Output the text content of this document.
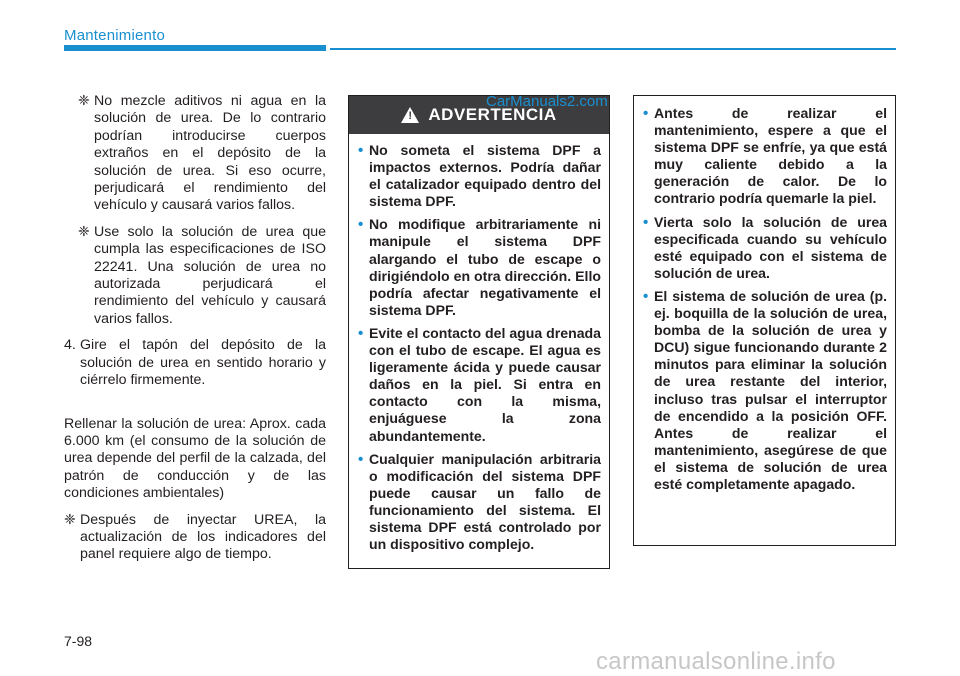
Mantenimiento

❈ No mezcle aditivos ni agua en la solución de urea. De lo contrario podrían introducirse cuerpos extraños en el depósito de la solución de urea. Si eso ocurre, perjudicará el rendimiento del vehículo y causará varios fallos.

❈ Use solo la solución de urea que cumpla las especificaciones de ISO 22241. Una solución de urea no autorizada perjudicará el rendimiento del vehículo y causará varios fallos.

4. Gire el tapón del depósito de la solución de urea en sentido horario y ciérrelo firmemente.

Rellenar la solución de urea: Aprox. cada 6.000 km (el consumo de la solución de urea depende del perfil de la calzada, del patrón de conducción y de las condiciones ambientales)

❈ Después de inyectar UREA, la actualización de los indicadores del panel requiere algo de tiempo.

! ADVERTENCIA
CarManuals2.com
• No someta el sistema DPF a impactos externos. Podría dañar el catalizador equipado dentro del sistema DPF.
• No modifique arbitrariamente ni manipule el sistema DPF alargando el tubo de escape o dirigiéndolo en otra dirección. Ello podría afectar negativamente el sistema DPF.
• Evite el contacto del agua drenada con el tubo de escape. El agua es ligeramente ácida y puede causar daños en la piel. Si entra en contacto con la misma, enjuáguese la zona abundantemente.
• Cualquier manipulación arbitraria o modificación del sistema DPF puede causar un fallo de funcionamiento del sistema. El sistema DPF está controlado por un dispositivo complejo.
• Antes de realizar el mantenimiento, espere a que el sistema DPF se enfríe, ya que está muy caliente debido a la generación de calor. De lo contrario podría quemarle la piel.
• Vierta solo la solución de urea especificada cuando su vehículo esté equipado con el sistema de solución de urea.
• El sistema de solución de urea (p. ej. boquilla de la solución de urea, bomba de la solución de urea y DCU) sigue funcionando durante 2 minutos para eliminar la solución de urea restante del interior, incluso tras pulsar el interruptor de encendido a la posición OFF. Antes de realizar el mantenimiento, asegúrese de que el sistema de solución de urea esté completamente apagado.
7-98
carmanualsonline.info
